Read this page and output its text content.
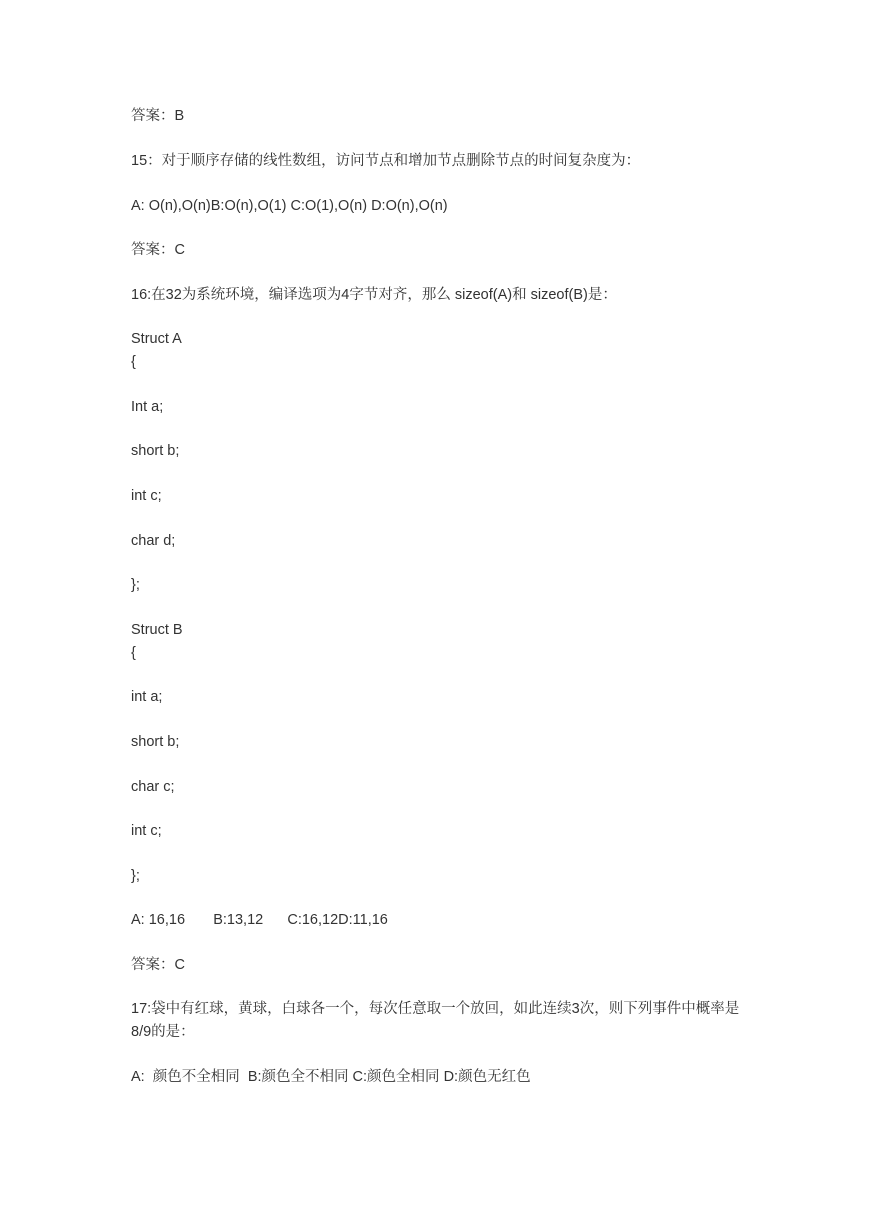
答案：B
15：对于顺序存储的线性数组，访问节点和增加节点删除节点的时间复杂度为：
A: O(n),O(n)B:O(n),O(1) C:O(1),O(n) D:O(n),O(n)
答案：C
16:在32为系统环境，编译选项为4字节对齐，那么 sizeof(A)和 sizeof(B)是：
Struct A
{
Int a;
short b;
int c;
char d;
};
Struct B
{
int a;
short b;
char c;
int c;
};
A: 16,16       B:13,12      C:16,12D:11,16
答案：C
17:袋中有红球，黄球，白球各一个，每次任意取一个放回，如此连续3次，则下列事件中概率是8/9的是：
A:  颜色不全相同  B:颜色全不相同 C:颜色全相同 D:颜色无红色
